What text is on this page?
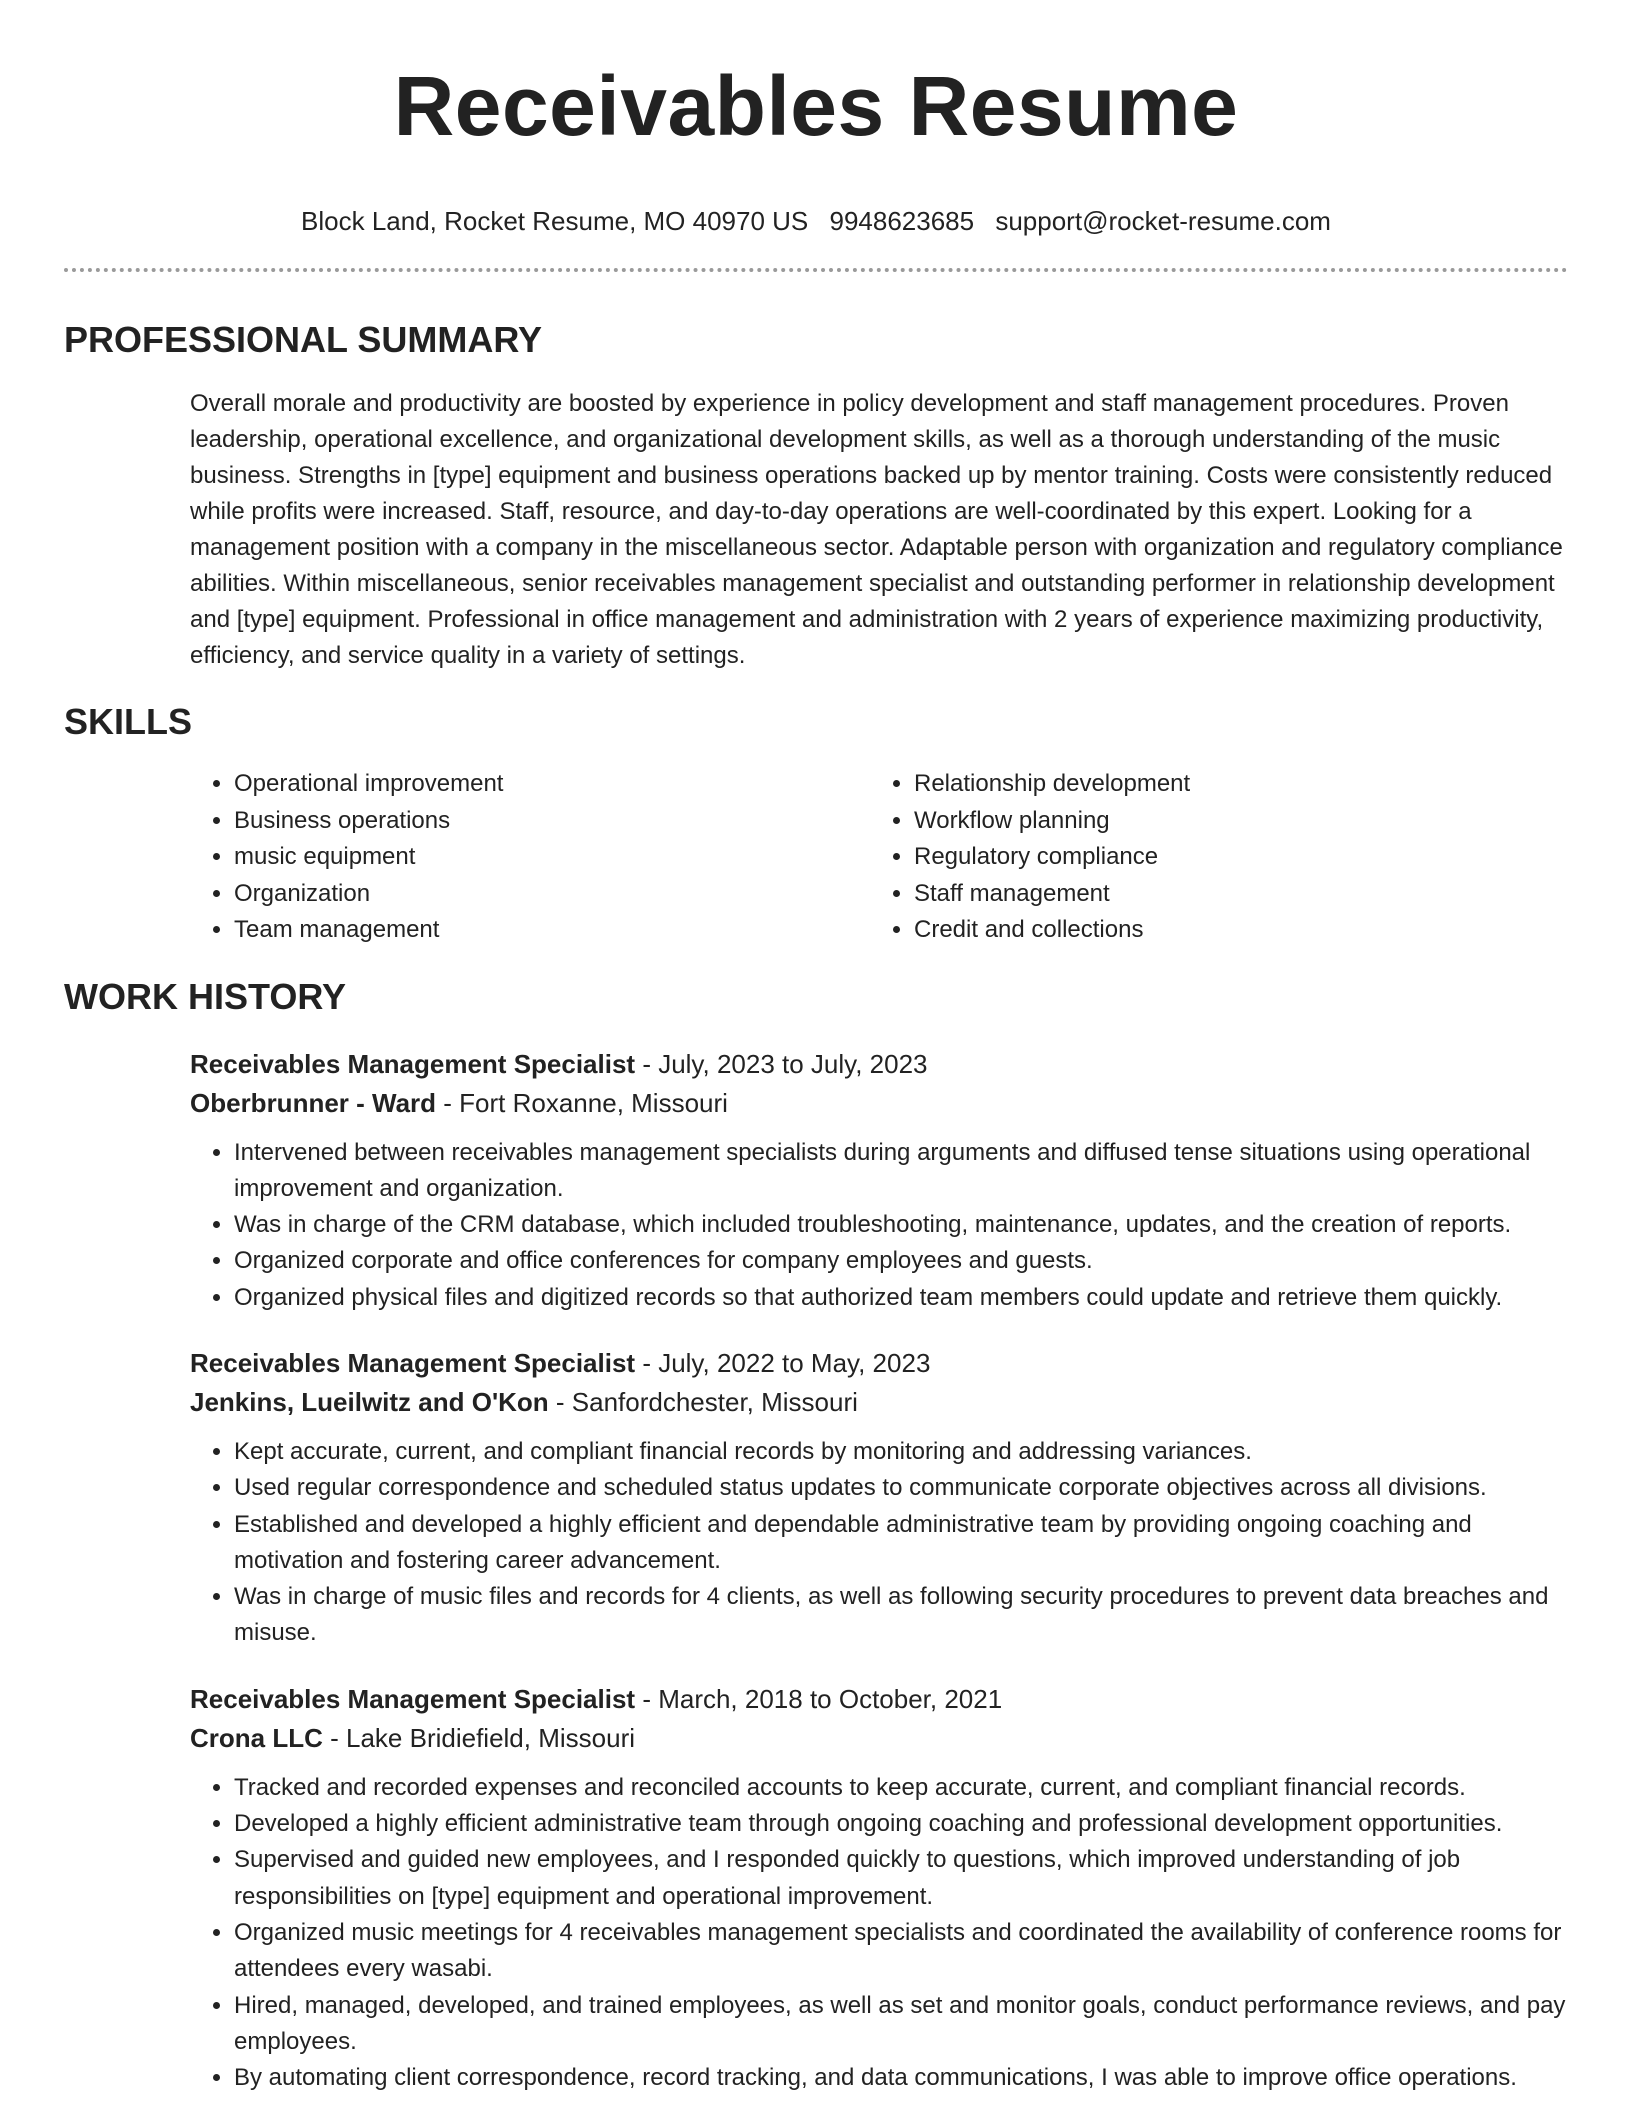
Receivables Resume
Block Land, Rocket Resume, MO 40970 US 9948623685 support@rocket-resume.com
PROFESSIONAL SUMMARY

Overall morale and productivity are boosted by experience in policy development and staff management procedures. Proven leadership, operational excellence, and organizational development skills, as well as a thorough understanding of the music business. Strengths in [type] equipment and business operations backed up by mentor training. Costs were consistently reduced while profits were increased. Staff, resource, and day-to-day operations are well-coordinated by this expert. Looking for a management position with a company in the miscellaneous sector. Adaptable person with organization and regulatory compliance abilities. Within miscellaneous, senior receivables management specialist and outstanding performer in relationship development and [type] equipment. Professional in office management and administration with 2 years of experience maximizing productivity, efficiency, and service quality in a variety of settings.

SKILLS
• Operational improvement
• Business operations
• music equipment
• Organization
• Team management
• Relationship development
• Workflow planning
• Regulatory compliance
• Staff management
• Credit and collections
WORK HISTORY
Receivables Management Specialist - July, 2023 to July, 2023
Oberbrunner - Ward - Fort Roxanne, Missouri
• Intervened between receivables management specialists during arguments and diffused tense situations using operational improvement and organization.
• Was in charge of the CRM database, which included troubleshooting, maintenance, updates, and the creation of reports.
• Organized corporate and office conferences for company employees and guests.
• Organized physical files and digitized records so that authorized team members could update and retrieve them quickly.
Receivables Management Specialist - July, 2022 to May, 2023
Jenkins, Lueilwitz and O'Kon - Sanfordchester, Missouri
• Kept accurate, current, and compliant financial records by monitoring and addressing variances.
• Used regular correspondence and scheduled status updates to communicate corporate objectives across all divisions.
• Established and developed a highly efficient and dependable administrative team by providing ongoing coaching and motivation and fostering career advancement.
• Was in charge of music files and records for 4 clients, as well as following security procedures to prevent data breaches and misuse.
Receivables Management Specialist - March, 2018 to October, 2021
Crona LLC - Lake Bridiefield, Missouri
• Tracked and recorded expenses and reconciled accounts to keep accurate, current, and compliant financial records.
• Developed a highly efficient administrative team through ongoing coaching and professional development opportunities.
• Supervised and guided new employees, and I responded quickly to questions, which improved understanding of job responsibilities on [type] equipment and operational improvement.
• Organized music meetings for 4 receivables management specialists and coordinated the availability of conference rooms for attendees every wasabi.
• Hired, managed, developed, and trained employees, as well as set and monitor goals, conduct performance reviews, and pay employees.
• By automating client correspondence, record tracking, and data communications, I was able to improve office operations.
